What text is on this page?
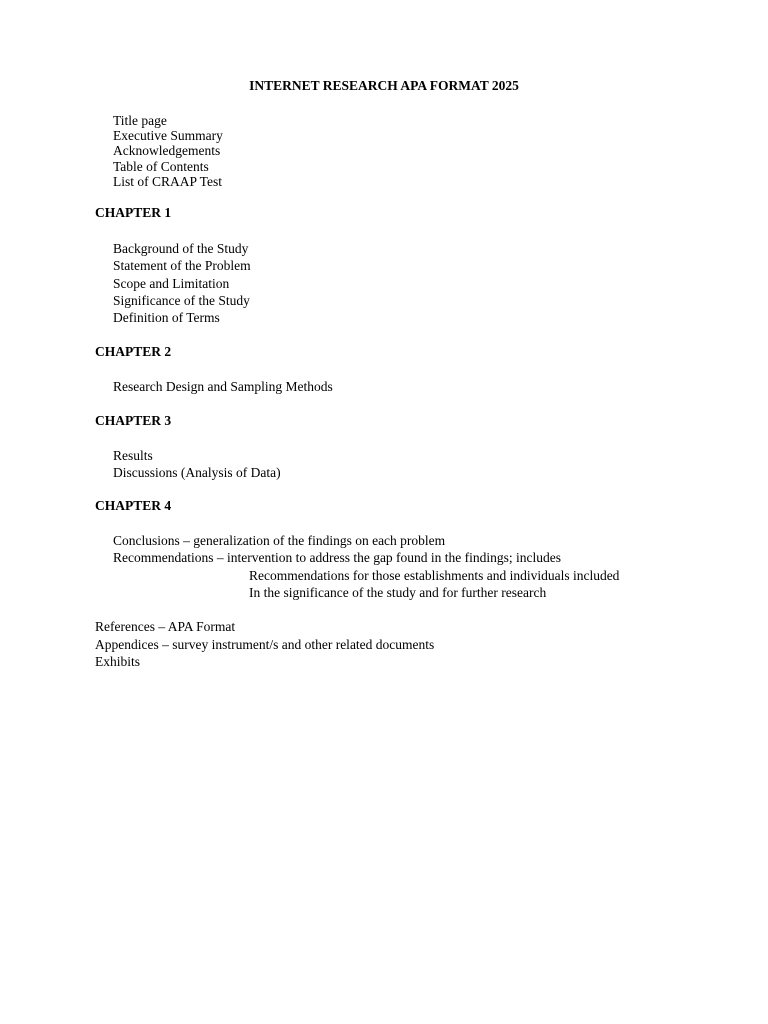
INTERNET RESEARCH APA FORMAT 2025
Title page
Executive Summary
Acknowledgements
Table of Contents
List of CRAAP Test
CHAPTER 1
Background of the Study
Statement of the Problem
Scope and Limitation
Significance of the Study
Definition of Terms
CHAPTER 2
Research Design and Sampling Methods
CHAPTER 3
Results
Discussions (Analysis of Data)
CHAPTER 4

Conclusions – generalization of the findings on each problem

Recommendations – intervention to address the gap found in the findings; includes

Recommendations for those establishments and individuals included

In the significance of the study and for further research

References – APA Format

Appendices – survey instrument/s and other related documents

Exhibits
